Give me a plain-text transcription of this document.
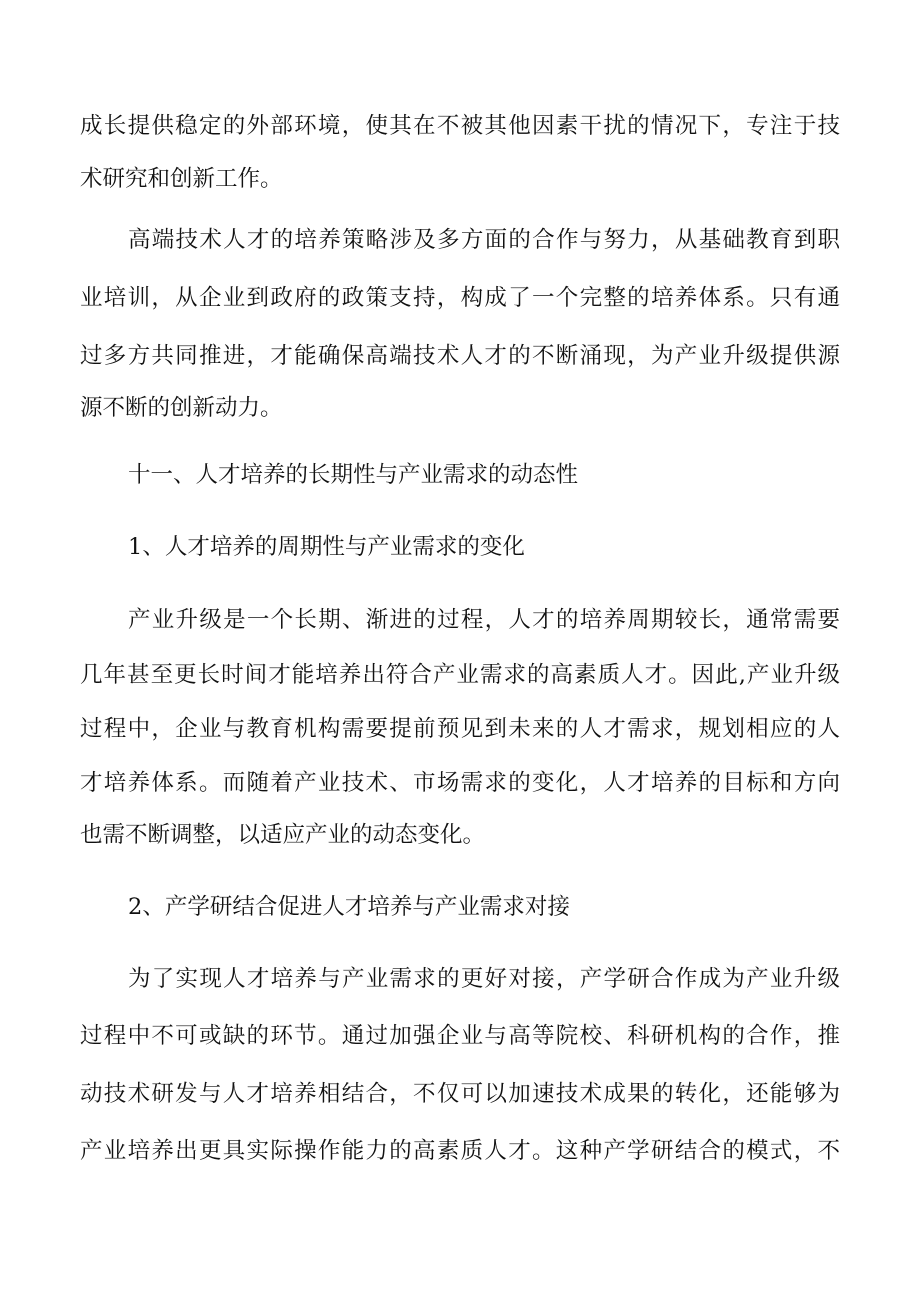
成长提供稳定的外部环境，使其在不被其他因素干扰的情况下，专注于技
术研究和创新工作。
高端技术人才的培养策略涉及多方面的合作与努力，从基础教育到职
业培训，从企业到政府的政策支持，构成了一个完整的培养体系。只有通
过多方共同推进，才能确保高端技术人才的不断涌现，为产业升级提供源
源不断的创新动力。
十一、人才培养的长期性与产业需求的动态性
1、人才培养的周期性与产业需求的变化
产业升级是一个长期、渐进的过程，人才的培养周期较长，通常需要
几年甚至更长时间才能培养出符合产业需求的高素质人才。因此,产业升级
过程中，企业与教育机构需要提前预见到未来的人才需求，规划相应的人
才培养体系。而随着产业技术、市场需求的变化，人才培养的目标和方向
也需不断调整，以适应产业的动态变化。
2、产学研结合促进人才培养与产业需求对接
为了实现人才培养与产业需求的更好对接，产学研合作成为产业升级
过程中不可或缺的环节。通过加强企业与高等院校、科研机构的合作，推
动技术研发与人才培养相结合，不仅可以加速技术成果的转化，还能够为
产业培养出更具实际操作能力的高素质人才。这种产学研结合的模式，不
